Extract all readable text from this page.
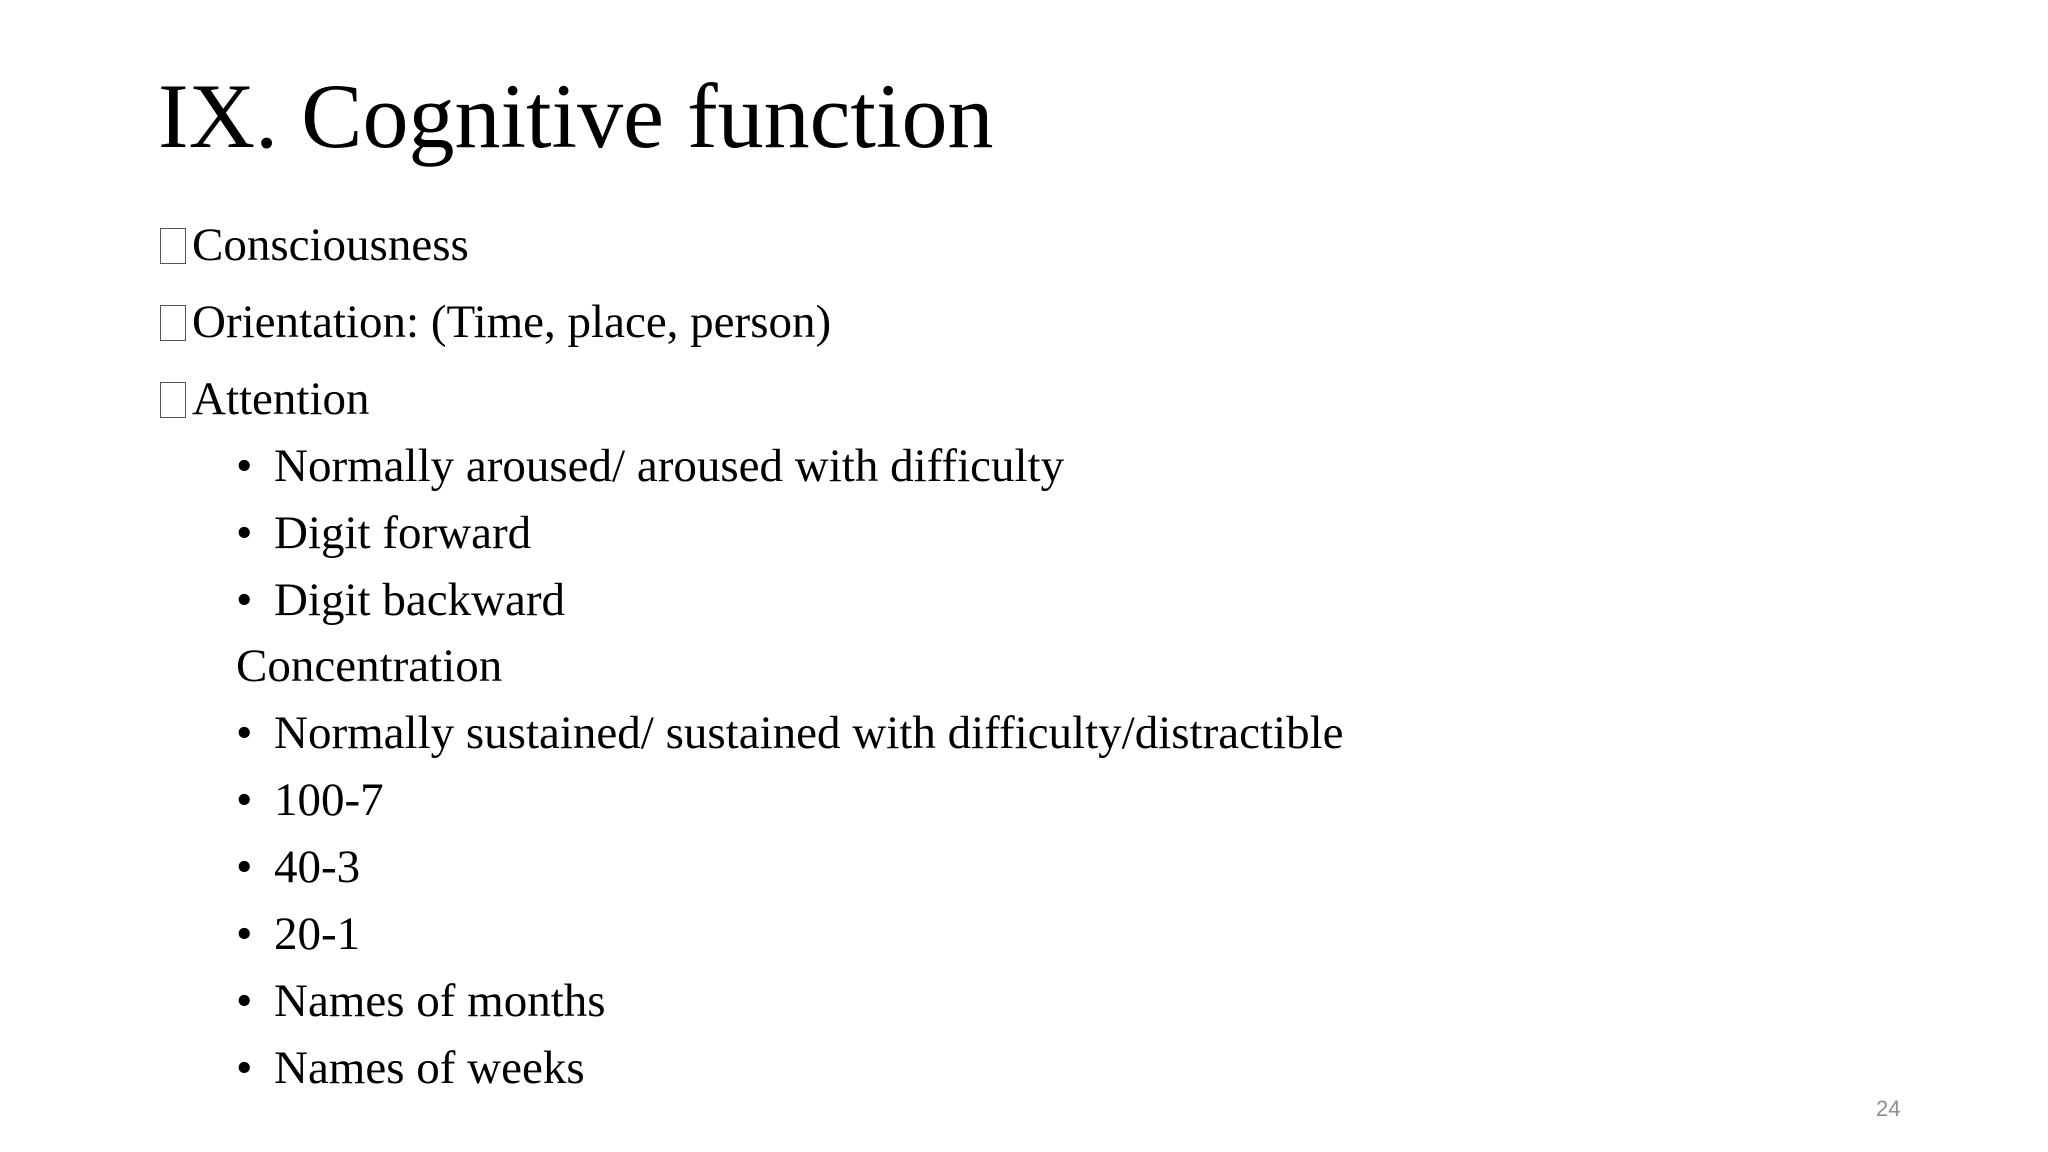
IX. Cognitive function
Consciousness
Orientation: (Time, place, person)
Attention
• Normally aroused/ aroused with difficulty
• Digit forward
• Digit backward
Concentration
• Normally sustained/ sustained with difficulty/distractible
• 100-7
• 40-3
• 20-1
• Names of months
• Names of weeks
24
